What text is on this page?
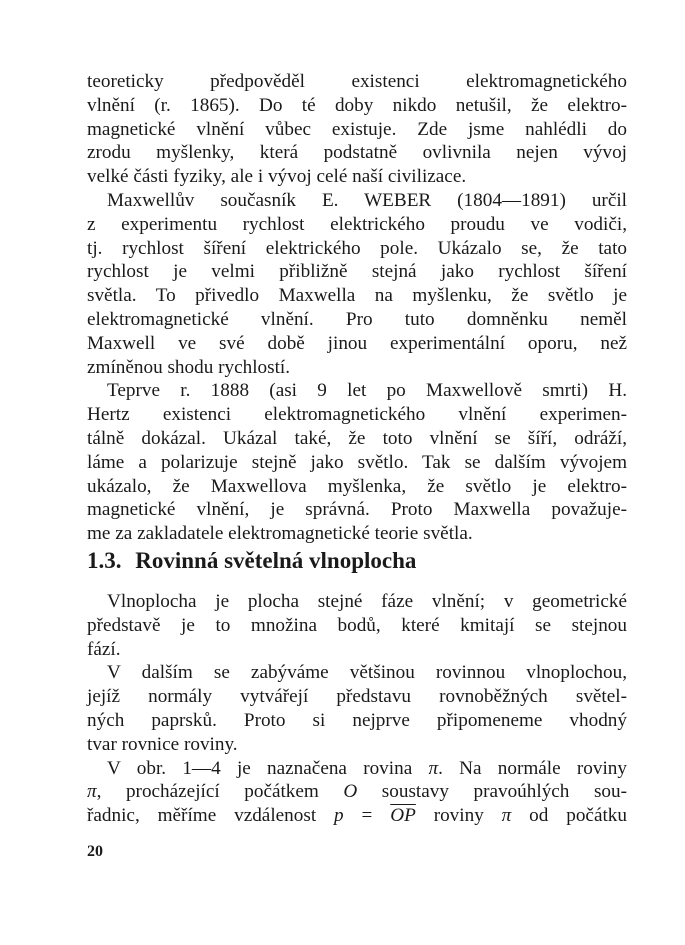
teoreticky předpověděl existenci elektromagnetického
vlnění (r. 1865). Do té doby nikdo netušil, že elektro-
magnetické vlnění vůbec existuje. Zde jsme nahlédli do
zrodu myšlenky, která podstatně ovlivnila nejen vývoj
velké části fyziky, ale i vývoj celé naší civilizace.

Maxwellův současník E. WEBER (1804—1891) určil
z experimentu rychlost elektrického proudu ve vodiči,
tj. rychlost šíření elektrického pole. Ukázalo se, že tato
rychlost je velmi přibližně stejná jako rychlost šíření
světla. To přivedlo Maxwella na myšlenku, že světlo je
elektromagnetické vlnění. Pro tuto domněnku neměl
Maxwell ve své době jinou experimentální oporu, než
zmíněnou shodu rychlostí.

Teprve r. 1888 (asi 9 let po Maxwellově smrti) H.
Hertz existenci elektromagnetického vlnění experimen-
tálně dokázal. Ukázal také, že toto vlnění se šíří, odráží,
láme a polarizuje stejně jako světlo. Tak se dalším vývojem
ukázalo, že Maxwellova myšlenka, že světlo je elektro-
magnetické vlnění, je správná. Proto Maxwella považuje-
me za zakladatele elektromagnetické teorie světla.

1.3. Rovinná světelná vlnoplocha

Vlnoplocha je plocha stejné fáze vlnění; v geometrické
představě je to množina bodů, které kmitají se stejnou
fází.

V dalším se zabýváme většinou rovinnou vlnoplochou,
jejíž normály vytvářejí představu rovnoběžných světel-
ných paprsků. Proto si nejprve připomeneme vhodný
tvar rovnice roviny.

V obr. 1—4 je naznačena rovina π. Na normále roviny
π, procházející počátkem O soustavy pravoúhlých sou-
řadnic, měříme vzdálenost $p = \overline{OP}$ roviny π od počátku

20
